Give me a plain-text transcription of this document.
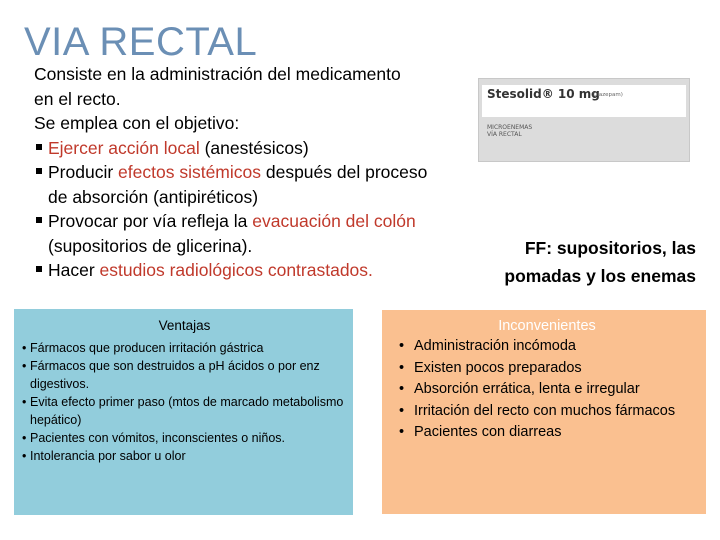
VIA RECTAL

Consiste en la administración del medicamento

en el recto.

Se emplea con el objetivo:

Ejercer acción local (anestésicos)

Producir efectos sistémicos después del proceso

de absorción (antipiréticos)

Provocar por vía refleja la evacuación del colón

(supositorios de glicerina).

Hacer estudios radiológicos contrastados.

Stesolid® 10 mg
(Diazepam)
MICROENEMAS
VÍA RECTAL
FF: supositorios, las
pomadas y los enemas
Ventajas
• Fármacos que producen irritación gástrica
• Fármacos que son destruidos a pH ácidos o por enz digestivos.
• Evita efecto primer paso (mtos de marcado metabolismo hepático)
• Pacientes con vómitos, inconscientes o niños.
• Intolerancia por sabor u olor
Inconvenientes
• Administración incómoda
• Existen pocos preparados
• Absorción errática, lenta e irregular
• Irritación del recto con muchos fármacos
• Pacientes con diarreas
